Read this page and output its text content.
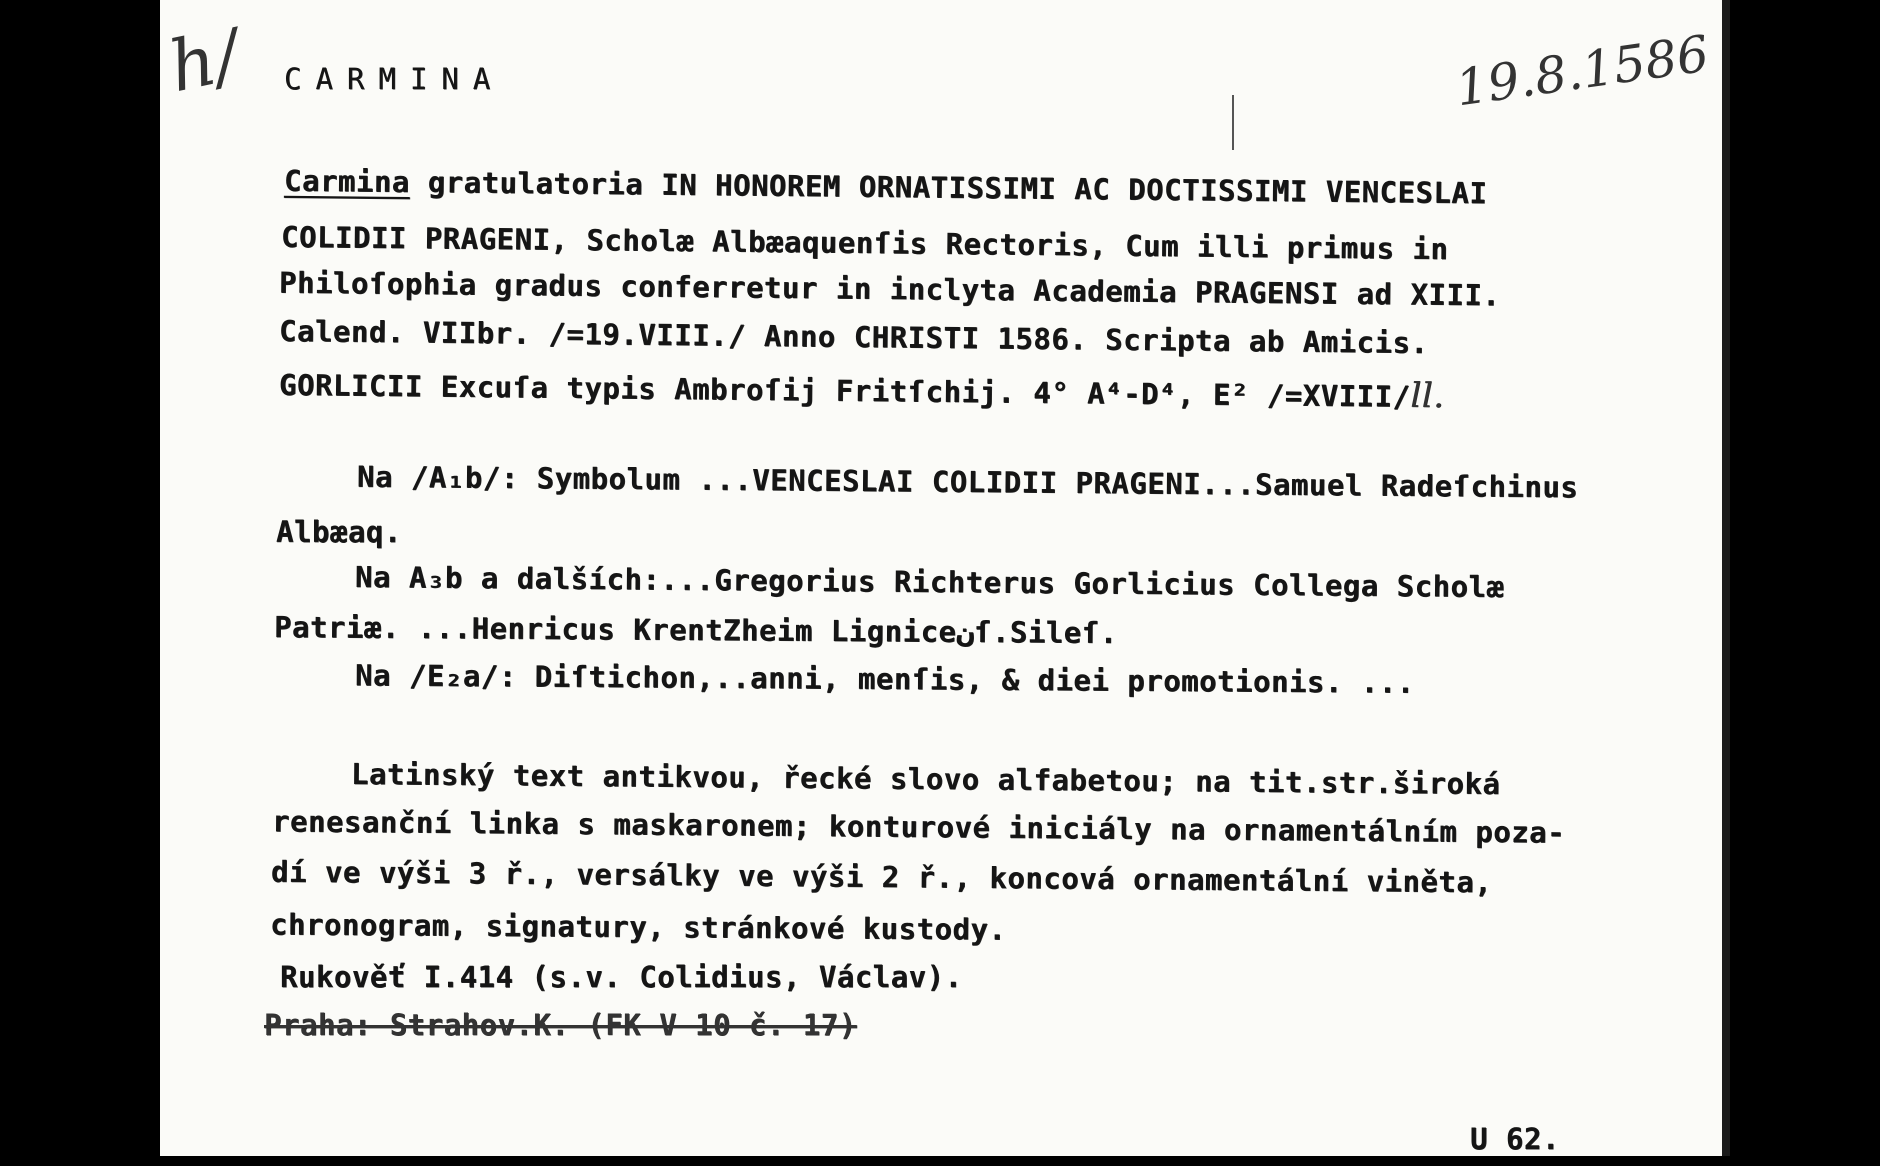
h/ CARMINA	19.8.1586
Carmina gratulatoria IN HONOREM ORNATISSIMI AC DOCTISSIMI VENCESLAI
COLIDII PRAGENI, Scholæ Albæaquenſis Rectoris, Cum illi primus in
Philoſophia gradus conferretur in inclyta Academia PRAGENSI ad XIII.
Calend. VIIbr. /=19.VIII./ Anno CHRISTI 1586. Scripta ab Amicis.
GORLICII Excuſa typis Ambroſij Fritſchij. 4° A⁴-D⁴, E² /=XVIII/ll.
Na /A₁b/: Symbolum ...VENCESLAI COLIDII PRAGENI...Samuel Radeſchinus
Albæaq.
Na A₃b a dalších:...Gregorius Richterus Gorlicius Collega Scholæ
Patriæ. ...Henricus KrentZheim Ligniceنſ.Sileſ.
Na /E₂a/: Diſtichon,..anni, menſis, & diei promotionis. ...
Latinský text antikvou, řecké slovo alfabetou; na tit.str.široká
renesanční linka s maskaronem; konturové iniciály na ornamentálním poza-
dí ve výši 3 ř., versálky ve výši 2 ř., koncová ornamentální viněta,
chronogram, signatury, stránkové kustody.
Rukověť I.414 (s.v. Colidius, Václav).
Praha: Strahov.K. (FK V 10 č. 17)
U 62.
